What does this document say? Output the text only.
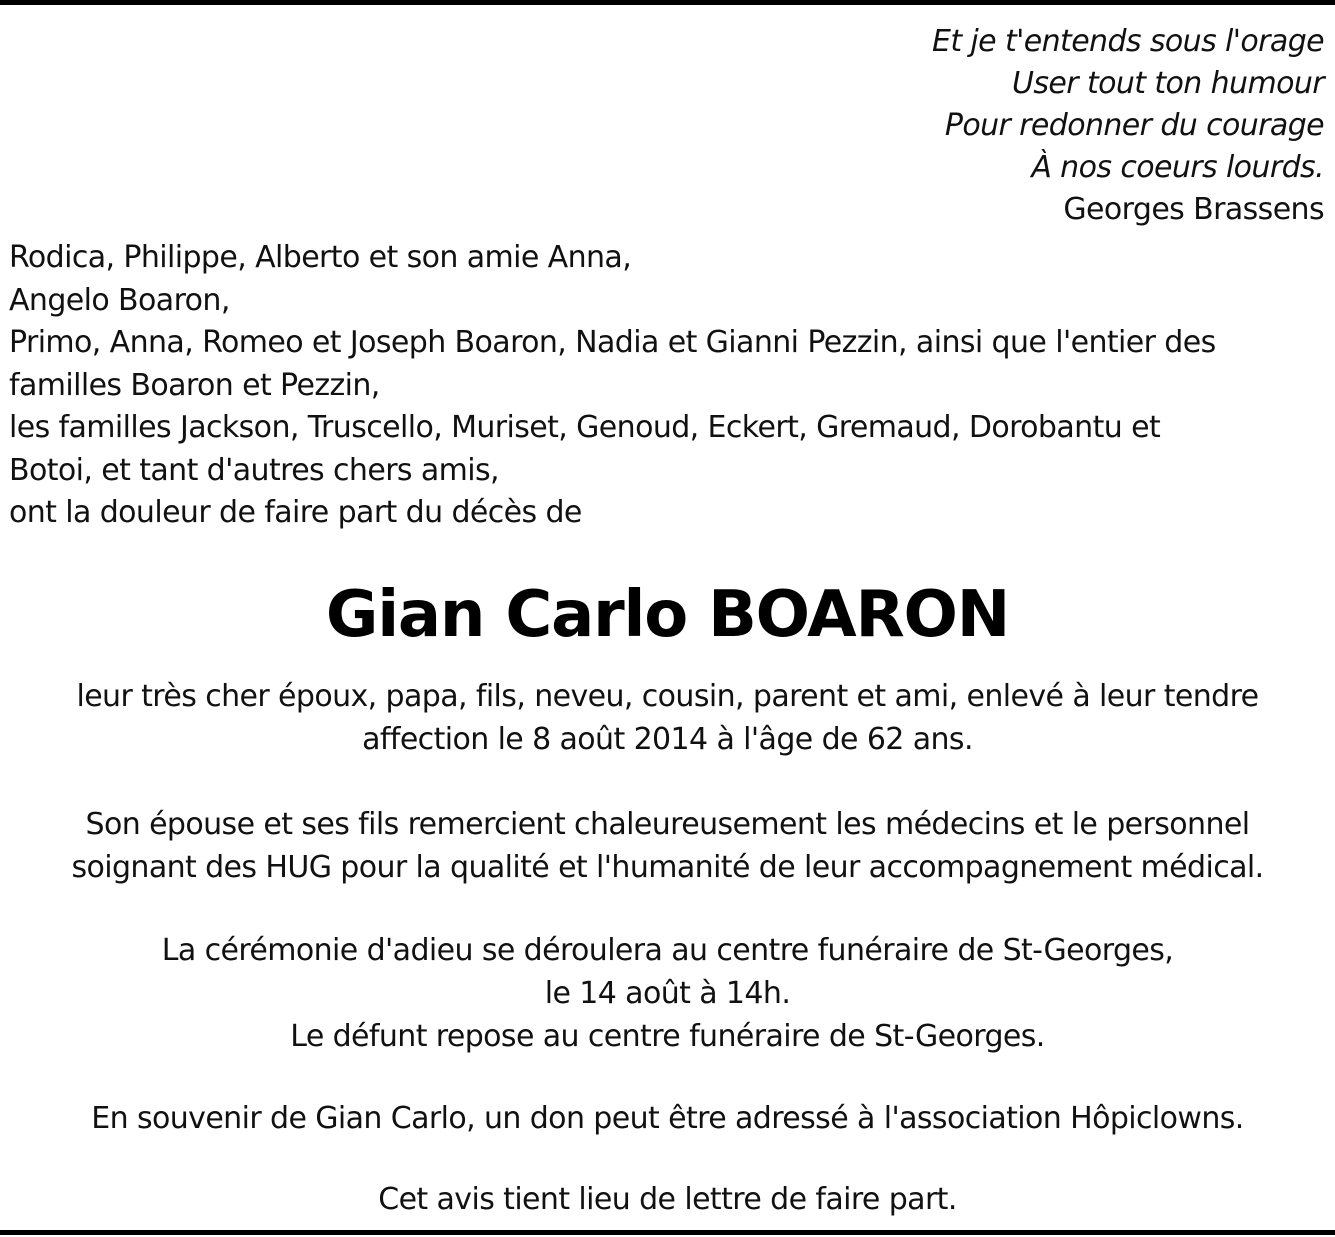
Et je t'entends sous l'orage
User tout ton humour
Pour redonner du courage
À nos coeurs lourds.
Georges Brassens
Rodica, Philippe, Alberto et son amie Anna,
Angelo Boaron,
Primo, Anna, Romeo et Joseph Boaron, Nadia et Gianni Pezzin, ainsi que l'entier des
familles Boaron et Pezzin,
les familles Jackson, Truscello, Muriset, Genoud, Eckert, Gremaud, Dorobantu et
Botoi, et tant d'autres chers amis,
ont la douleur de faire part du décès de
Gian Carlo BOARON
leur très cher époux, papa, fils, neveu, cousin, parent et ami, enlevé à leur tendre
affection le 8 août 2014 à l'âge de 62 ans.
Son épouse et ses fils remercient chaleureusement les médecins et le personnel
soignant des HUG pour la qualité et l'humanité de leur accompagnement médical.
La cérémonie d'adieu se déroulera au centre funéraire de St-Georges,
le 14 août à 14h.
Le défunt repose au centre funéraire de St-Georges.
En souvenir de Gian Carlo, un don peut être adressé à l'association Hôpiclowns.
Cet avis tient lieu de lettre de faire part.
